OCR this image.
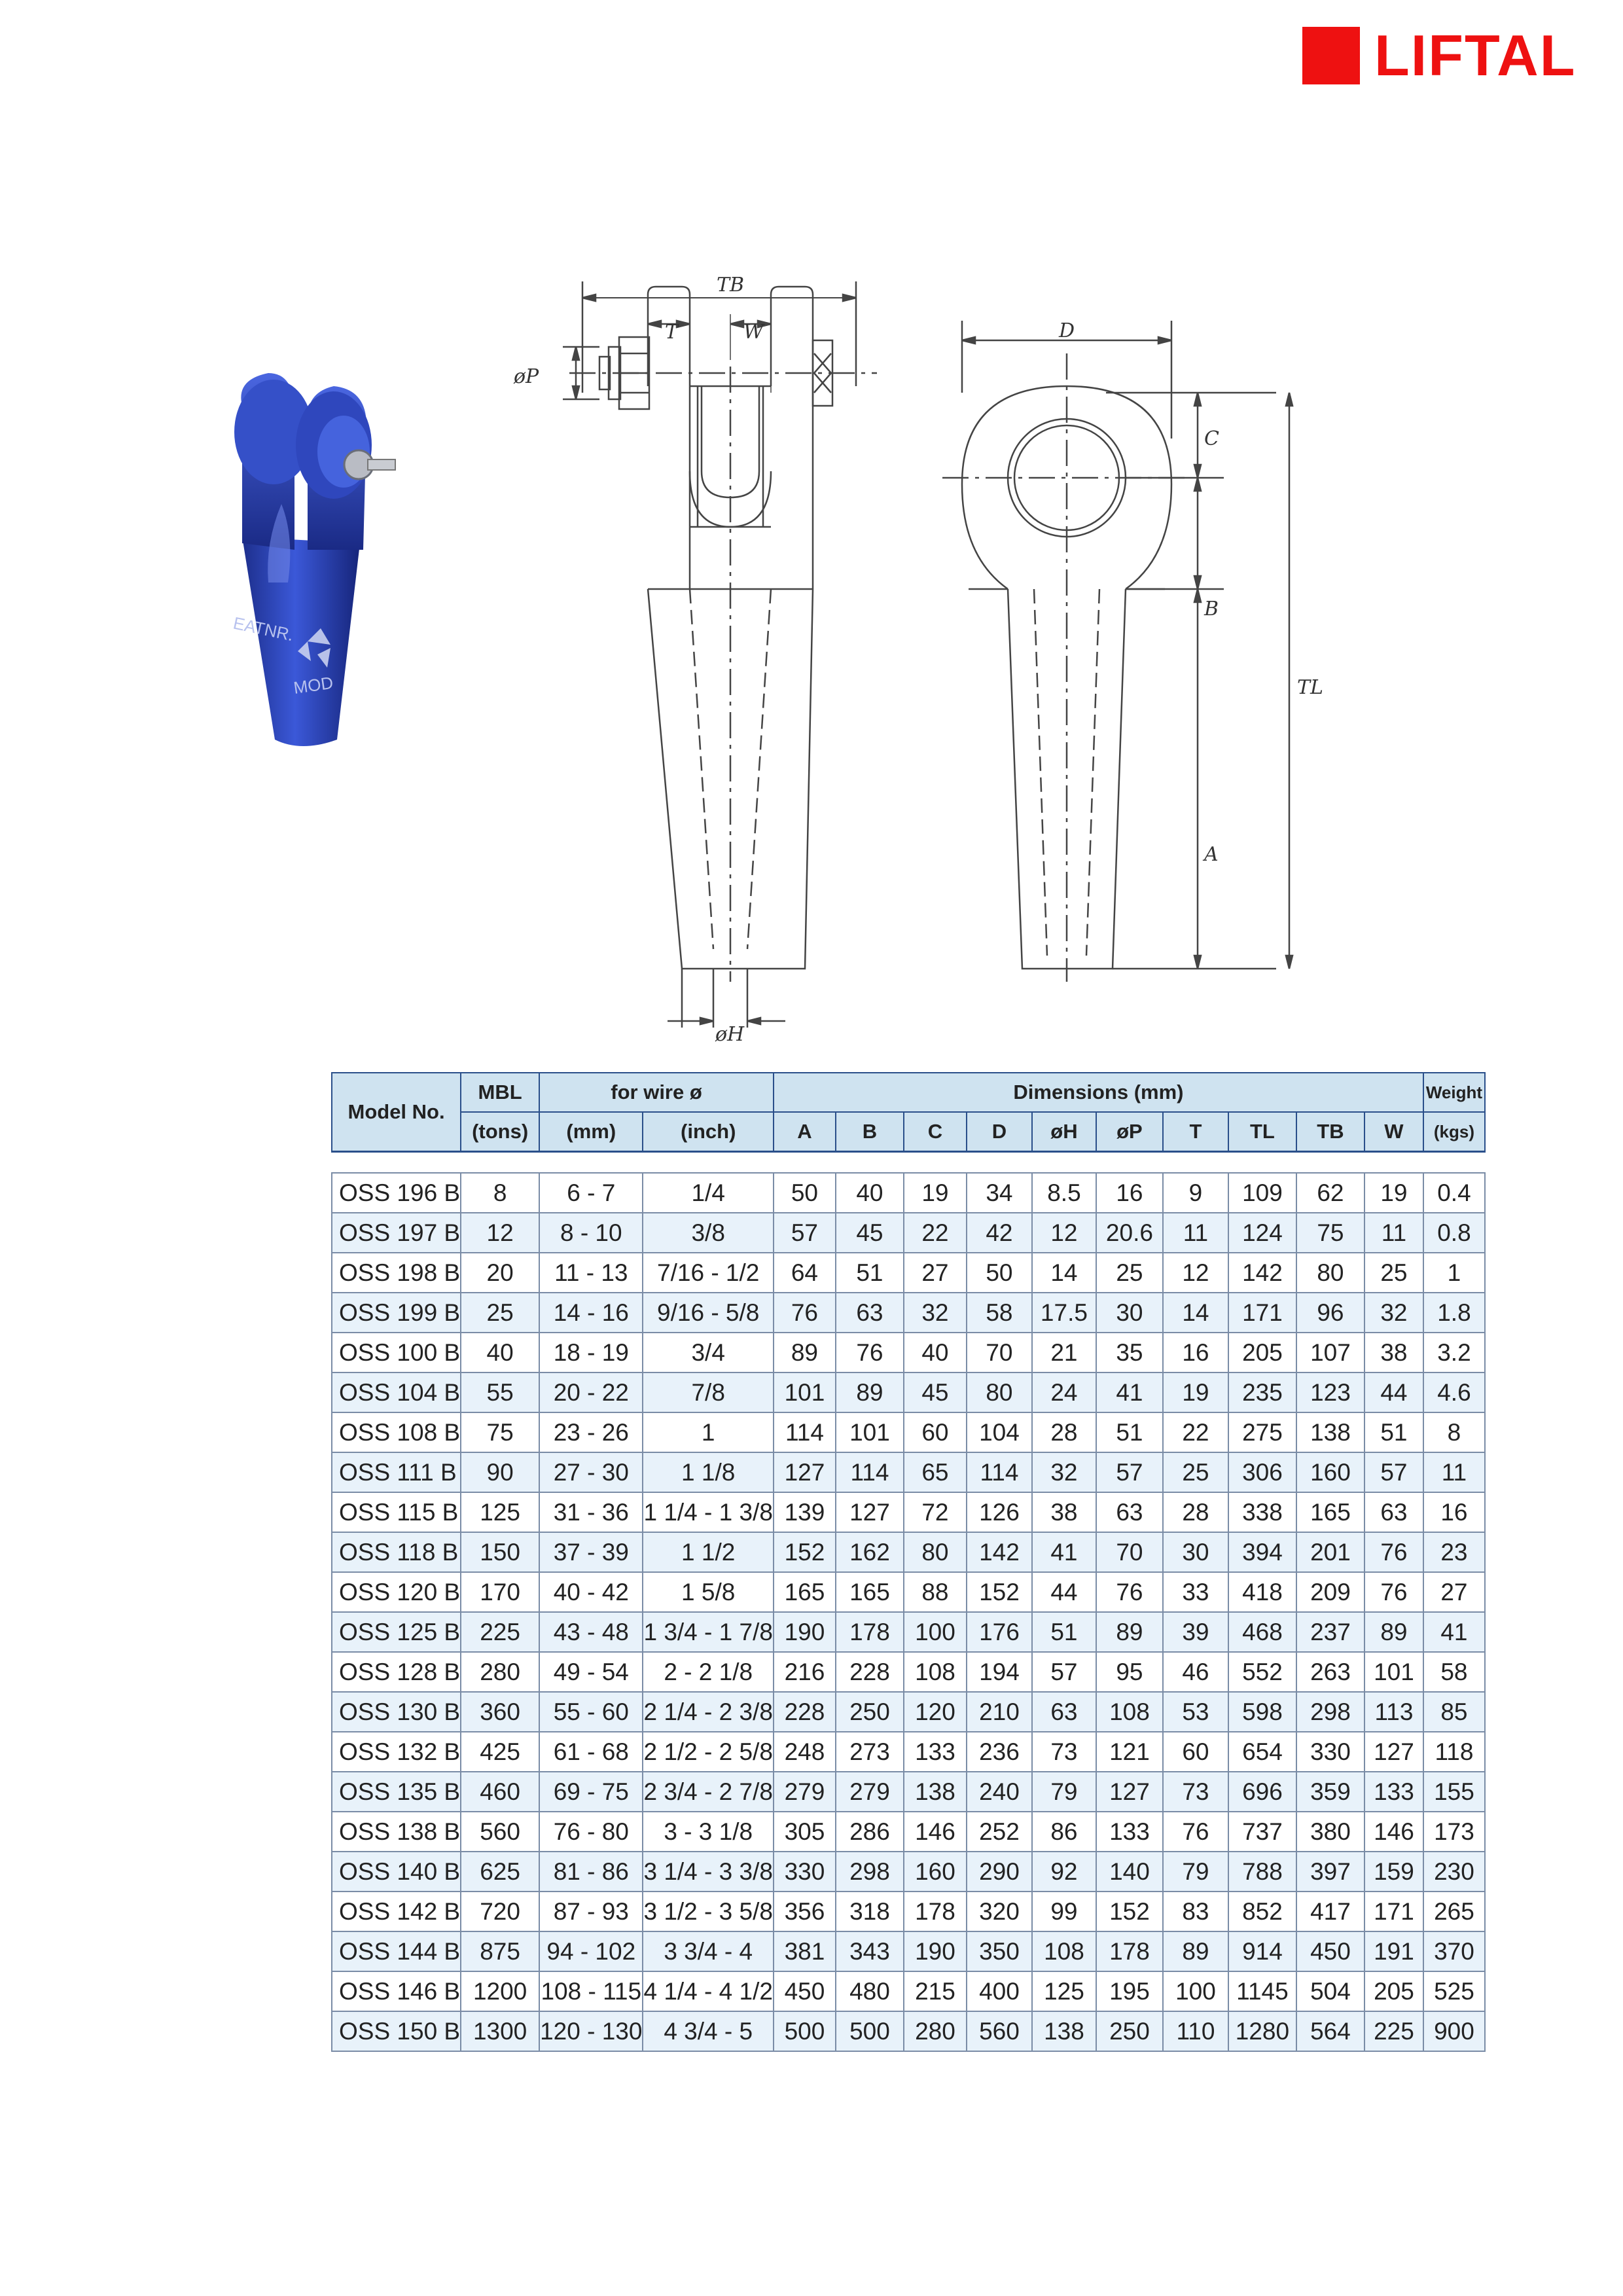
LIFTAL
EATNR.
MOD
TB
T	W
øP
øH
D
C
B
TL
A
Model No.	MBL	for wire ø		Dimensions (mm)										Weight
	(tons)	(mm)	(inch)	A	B	C	D	øH	øP	T	TL	TB	W	(kgs)

OSS 196 B	8	6 - 7	1/4	50	40	19	34	8.5	16	9	109	62	19	0.4
OSS 197 B	12	8 - 10	3/8	57	45	22	42	12	20.6	11	124	75	11	0.8
OSS 198 B	20	11 - 13	7/16 - 1/2	64	51	27	50	14	25	12	142	80	25	1
OSS 199 B	25	14 - 16	9/16 - 5/8	76	63	32	58	17.5	30	14	171	96	32	1.8
OSS 100 B	40	18 - 19	3/4	89	76	40	70	21	35	16	205	107	38	3.2
OSS 104 B	55	20 - 22	7/8	101	89	45	80	24	41	19	235	123	44	4.6
OSS 108 B	75	23 - 26	1	114	101	60	104	28	51	22	275	138	51	8
OSS 111 B	90	27 - 30	1 1/8	127	114	65	114	32	57	25	306	160	57	11
OSS 115 B	125	31 - 36	1 1/4 - 1 3/8	139	127	72	126	38	63	28	338	165	63	16
OSS 118 B	150	37 - 39	1 1/2	152	162	80	142	41	70	30	394	201	76	23
OSS 120 B	170	40 - 42	1 5/8	165	165	88	152	44	76	33	418	209	76	27
OSS 125 B	225	43 - 48	1 3/4 - 1 7/8	190	178	100	176	51	89	39	468	237	89	41
OSS 128 B	280	49 - 54	2 - 2 1/8	216	228	108	194	57	95	46	552	263	101	58
OSS 130 B	360	55 - 60	2 1/4 - 2 3/8	228	250	120	210	63	108	53	598	298	113	85
OSS 132 B	425	61 - 68	2 1/2 - 2 5/8	248	273	133	236	73	121	60	654	330	127	118
OSS 135 B	460	69 - 75	2 3/4 - 2 7/8	279	279	138	240	79	127	73	696	359	133	155
OSS 138 B	560	76 - 80	3 - 3 1/8	305	286	146	252	86	133	76	737	380	146	173
OSS 140 B	625	81 - 86	3 1/4 - 3 3/8	330	298	160	290	92	140	79	788	397	159	230
OSS 142 B	720	87 - 93	3 1/2 - 3 5/8	356	318	178	320	99	152	83	852	417	171	265
OSS 144 B	875	94 - 102	3 3/4 - 4	381	343	190	350	108	178	89	914	450	191	370
OSS 146 B	1200	108 - 115	4 1/4 - 4 1/2	450	480	215	400	125	195	100	1145	504	205	525
OSS 150 B	1300	120 - 130	4 3/4 - 5	500	500	280	560	138	250	110	1280	564	225	900
